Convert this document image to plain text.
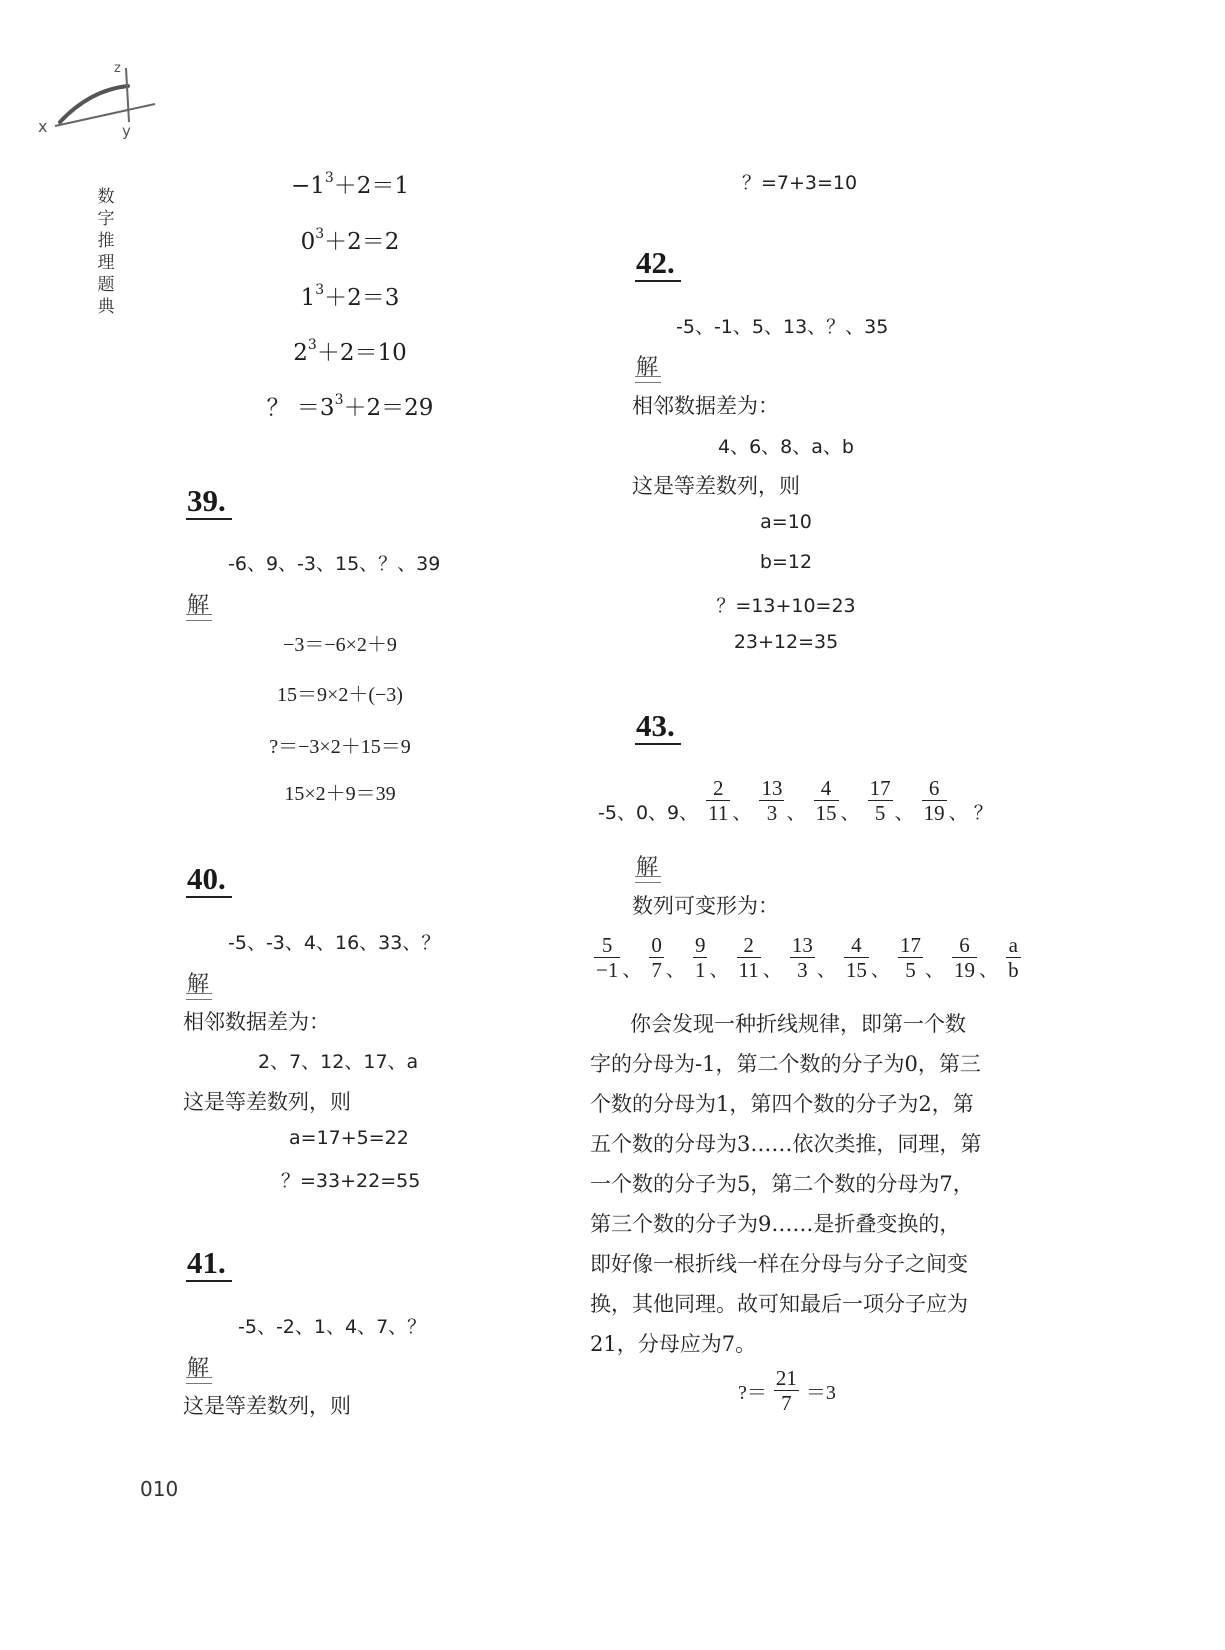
x	y
z
数
字
推
理
题
典
$-1^3+2=1$
$0^3+2=2$
$1^3+2=3$
$2^3+2=10$
？ $=3^3+2=29$
39.
-6、9、-3、15、？、39
解
−3＝−6×2＋9
15＝9×2＋(−3)
?＝−3×2＋15＝9
15×2＋9＝39
40.
-5、-3、4、16、33、？
解
相邻数据差为：
2、7、12、17、a
这是等差数列，则
a=17+5=22
？=33+22=55
41.
-5、-2、1、4、7、？
解
这是等差数列，则
？=7+3=10
42.
-5、-1、5、13、？、35
解
相邻数据差为：
4、6、8、a、b
这是等差数列，则
a=10
b=12
？=13+10=23
23+12=35
43.
-5、0、9、 $\frac{2}{11}$ 、 $\frac{13}{3}$ 、 $\frac{4}{15}$ 、 $\frac{17}{5}$ 、 $\frac{6}{19}$ 、 ？
解
数列可变形为：
$\frac{5}{-1}$ 、 $\frac{0}{7}$ 、 $\frac{9}{1}$ 、 $\frac{2}{11}$ 、 $\frac{13}{3}$ 、 $\frac{4}{15}$ 、 $\frac{17}{5}$ 、 $\frac{6}{19}$ 、 $\frac{a}{b}$
你会发现一种折线规律，即第一个数
字的分母为-1，第二个数的分子为0，第三
个数的分母为1，第四个数的分子为2，第
五个数的分母为3……依次类推，同理，第
一个数的分子为5，第二个数的分母为7，
第三个数的分子为9……是折叠变换的，
即好像一根折线一样在分母与分子之间变
换，其他同理。故可知最后一项分子应为
21，分母应为7。
?＝ $\frac{21}{7} =3$
010
